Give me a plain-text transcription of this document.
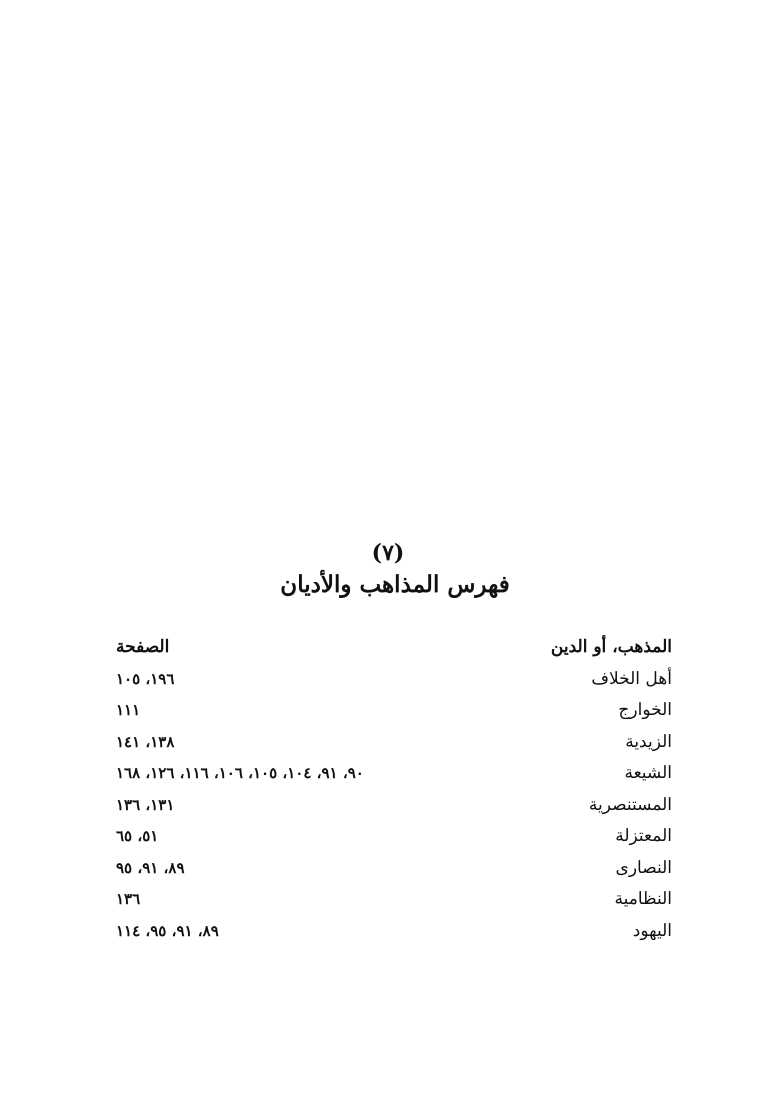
(٧)
فهرس المذاهب والأديان
المذهب، أو الدين
الصفحة
أهل الخلاف
١٩٦، ١٠٥
الخوارج
١١١
الزيدية
١٣٨، ١٤١
الشيعة
٩٠، ٩١، ١٠٤، ١٠٥، ١٠٦، ١١٦، ١٢٦، ١٦٨
المستنصرية
١٣١، ١٣٦
المعتزلة
٥١، ٦٥
النصارى
٨٩، ٩١، ٩٥
النظامية
١٣٦
اليهود
٨٩، ٩١، ٩٥، ١١٤
